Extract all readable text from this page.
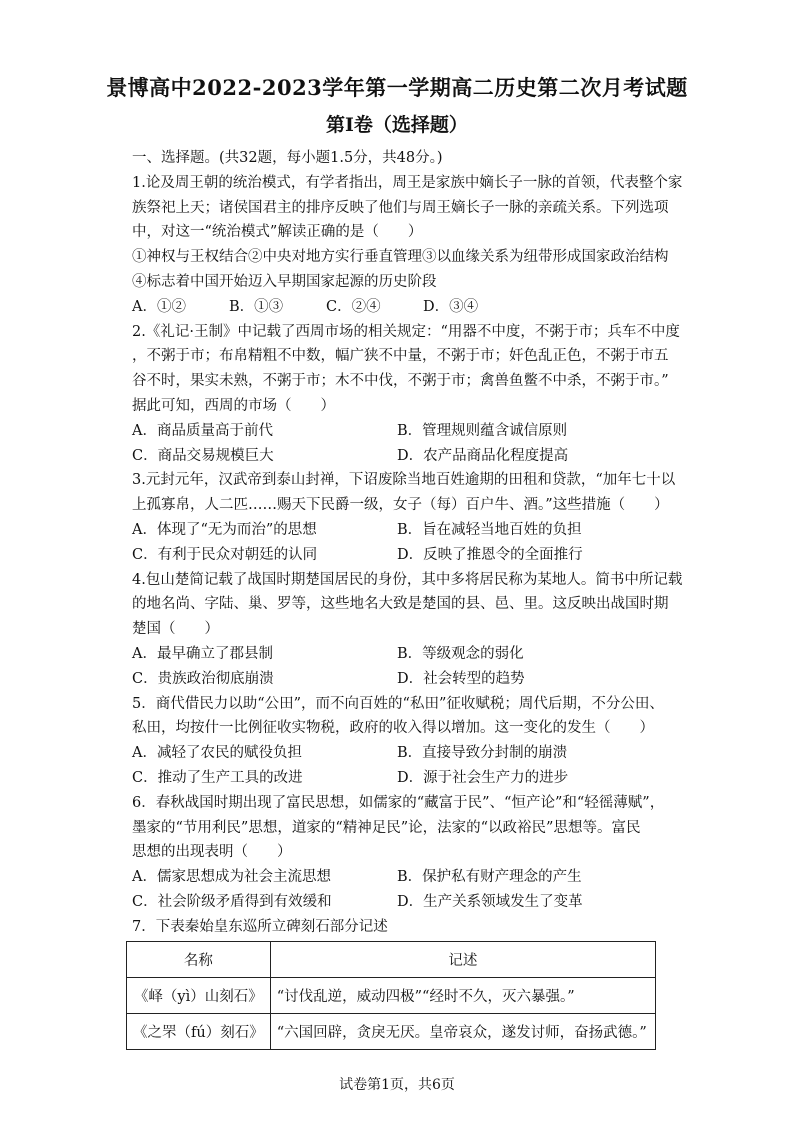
景博高中2022-2023学年第一学期高二历史第二次月考试题
第Ⅰ卷（选择题）
一、选择题。(共32题，每小题1.5分，共48分。)
1.论及周王朝的统治模式，有学者指出，周王是家族中嫡长子一脉的首领，代表整个家
族祭祀上天；诸侯国君主的排序反映了他们与周王嫡长子一脉的亲疏关系。下列选项
中，对这一“统治模式”解读正确的是（　　）
①神权与王权结合②中央对地方实行垂直管理③以血缘关系为纽带形成国家政治结构
④标志着中国开始迈入早期国家起源的历史阶段
A．①②	B．①③	C．②④	D．③④
2.《礼记·王制》中记载了西周市场的相关规定：“用器不中度，不粥于市；兵车不中度
，不粥于市；布帛精粗不中数，幅广狭不中量，不粥于市；奸色乱正色，不粥于市五
谷不时，果实未熟，不粥于市；木不中伐，不粥于市；禽兽鱼鳖不中杀，不粥于市。”
据此可知，西周的市场（　　）
A．商品质量高于前代	B．管理规则蕴含诚信原则
C．商品交易规模巨大	D．农产品商品化程度提高
3.元封元年，汉武帝到泰山封禅，下诏废除当地百姓逾期的田租和贷款，“加年七十以
上孤寡帛，人二匹……赐天下民爵一级，女子（每）百户牛、酒。”这些措施（　　）
A．体现了“无为而治”的思想	B．旨在减轻当地百姓的负担
C．有利于民众对朝廷的认同	D．反映了推恩令的全面推行
4.包山楚简记载了战国时期楚国居民的身份，其中多将居民称为某地人。简书中所记载
的地名尚、字陆、巢、罗等，这些地名大致是楚国的县、邑、里。这反映出战国时期
楚国（　　）
A．最早确立了郡县制	B．等级观念的弱化
C．贵族政治彻底崩溃	D．社会转型的趋势
5．商代借民力以助“公田”，而不向百姓的“私田”征收赋税；周代后期，不分公田、
私田，均按什一比例征收实物税，政府的收入得以增加。这一变化的发生（　　）
A．减轻了农民的赋役负担	B．直接导致分封制的崩溃
C．推动了生产工具的改进	D．源于社会生产力的进步
6．春秋战国时期出现了富民思想，如儒家的“藏富于民”、“恒产论”和“轻徭薄赋”，
墨家的“节用利民”思想，道家的“精神足民”论，法家的“以政裕民”思想等。富民
思想的出现表明（　　）
A．儒家思想成为社会主流思想	B．保护私有财产理念的产生
C．社会阶级矛盾得到有效缓和	D．生产关系领域发生了变革
7．下表秦始皇东巡所立碑刻石部分记述
名称	记述
《峄（yì）山刻石》	“讨伐乱逆，威动四极”“经时不久，灭六暴强。”
《之罘（fú）刻石》	“六国回辟，贪戾无厌。皇帝哀众，遂发讨师，奋扬武德。”
试卷第1页，共6页
